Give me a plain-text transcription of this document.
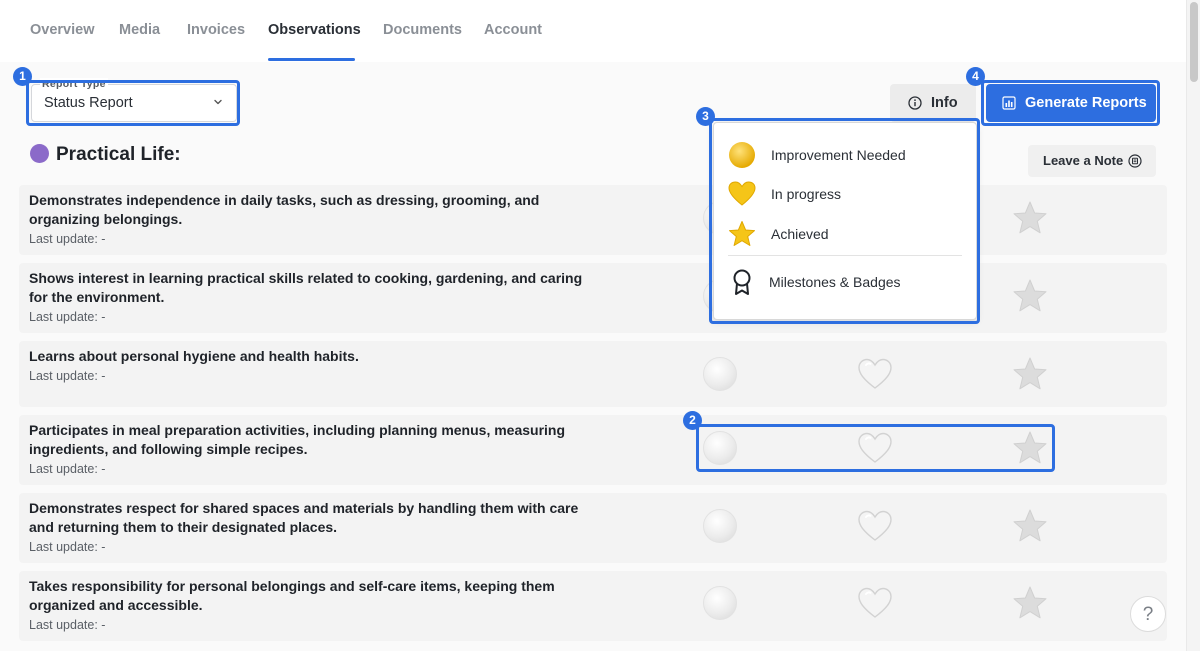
Overview Media Invoices Observations Documents Account
Status Report
Report Type
Info	Generate Reports
Practical Life:	Leave a Note
Demonstrates independence in daily tasks, such as dressing, grooming, and organizing belongings.
Last update: -
Shows interest in learning practical skills related to cooking, gardening, and caring for the environment.
Last update: -
Learns about personal hygiene and health habits.
Last update: -
Participates in meal preparation activities, including planning menus, measuring ingredients, and following simple recipes.
Last update: -
Demonstrates respect for shared spaces and materials by handling them with care and returning them to their designated places.
Last update: -
Takes responsibility for personal belongings and self-care items, keeping them organized and accessible.
Last update: -
Improvement Needed
In progress
Achieved
Milestones & Badges
1
2
3
4
?
